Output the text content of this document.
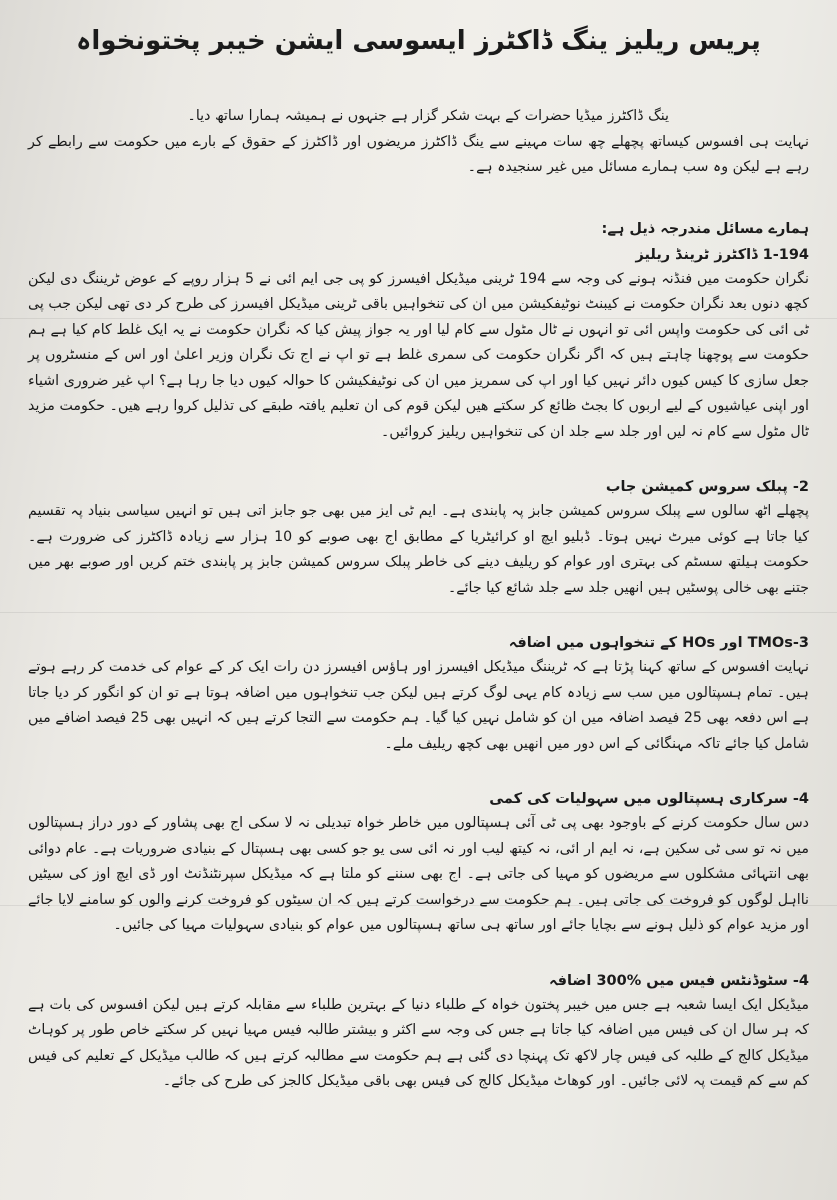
پریس ریلیز ینگ ڈاکٹرز ایسوسی ایشن خیبر پختونخواہ

ینگ ڈاکٹرز میڈیا حضرات کے بہت شکر گزار ہے جنہوں نے ہمیشہ ہمارا ساتھ دیا۔

نہایت ہی افسوس کیساتھ پچھلے چھ سات مہینے سے ینگ ڈاکٹرز مریضوں اور ڈاکٹرز کے حقوق کے بارے میں حکومت سے رابطے کر رہے ہے لیکن وہ سب ہمارے مسائل میں غیر سنجیدہ ہے۔

ہمارے مسائل مندرجہ ذیل ہے:

1-194 ڈاکٹرز ٹرینڈ ریلیز

نگران حکومت میں فنڈنہ ہونے کی وجہ سے 194 ٹرینی میڈیکل افیسرز کو پی جی ایم ائی نے 5 ہزار روپے کے عوض ٹریننگ دی لیکن کچھ دنوں بعد نگران حکومت نے کیبنٹ نوٹیفکیشن میں ان کی تنخواہیں باقی ٹرینی میڈیکل افیسرز کی طرح کر دی تھی لیکن جب پی ٹی ائی کی حکومت واپس ائی تو انہوں نے ٹال مٹول سے کام لیا اور یہ جواز پیش کیا کہ نگران حکومت نے یہ ایک غلط کام کیا ہے ہم حکومت سے پوچھنا چاہتے ہیں کہ اگر نگران حکومت کی سمری غلط ہے تو اپ نے اج تک نگران وزیر اعلیٰ اور اس کے منسٹروں پر جعل سازی کا کیس کیوں دائر نہیں کیا اور اپ کی سمریز میں ان کی نوٹیفکیشن کا حوالہ کیوں دیا جا رہا ہے؟ اپ غیر ضروری اشیاء اور اپنی عیاشیوں کے لیے اربوں کا بجٹ ظائع کر سکتے ھیں لیکن قوم کی ان تعلیم یافتہ طبقے کی تذلیل کروا رہے ھیں۔ حکومت مزید ٹال مٹول سے کام نہ لیں اور جلد سے جلد ان کی تنخواہیں ریلیز کروائیں۔

2- پبلک سروس کمیشن جاب

پچھلے اٹھ سالوں سے پبلک سروس کمیشن جابز پہ پابندی ہے۔ ایم ٹی ایز میں بھی جو جابز اتی ہیں تو انہیں سیاسی بنیاد پہ تقسیم کیا جاتا ہے کوئی میرٹ نہیں ہوتا۔ ڈبلیو ایچ او کرائیٹریا کے مطابق اج بھی صوبے کو 10 ہزار سے زیادہ ڈاکٹرز کی ضرورت ہے۔ حکومت ہیلتھ سسٹم کی بہتری اور عوام کو ریلیف دینے کی خاطر پبلک سروس کمیشن جابز پر پابندی ختم کریں اور صوبے بھر میں جتنے بھی خالی پوسٹیں ہیں انھیں جلد سے جلد شائع کیا جائے۔

3-TMOs اور HOs کے تنخواہوں میں اضافہ

نہایت افسوس کے ساتھ کہنا پڑتا ہے کہ ٹریننگ میڈیکل افیسرز اور ہاؤس افیسرز دن رات ایک کر کے عوام کی خدمت کر رہے ہوتے ہیں۔ تمام ہسپتالوں میں سب سے زیادہ کام یہی لوگ کرتے ہیں لیکن جب تنخواہوں میں اضافہ ہوتا ہے تو ان کو انگور کر دیا جاتا ہے اس دفعہ بھی 25 فیصد اضافہ میں ان کو شامل نہیں کیا گیا۔ ہم حکومت سے التجا کرتے ہیں کہ انہیں بھی 25 فیصد اضافے میں شامل کیا جائے تاکہ مہنگائی کے اس دور میں انھیں بھی کچھ ریلیف ملے۔

4- سرکاری ہسپتالوں میں سہولیات کی کمی

دس سال حکومت کرنے کے باوجود بھی پی ٹی آئی ہسپتالوں میں خاطر خواہ تبدیلی نہ لا سکی اج بھی پشاور کے دور دراز ہسپتالوں میں نہ تو سی ٹی سکین ہے، نہ ایم ار ائی، نہ کیتھ لیب اور نہ ائی سی یو جو کسی بھی ہسپتال کے بنیادی ضروریات ہے۔ عام دوائی بھی انتہائی مشکلوں سے مریضوں کو مہیا کی جاتی ہے۔ اج بھی سننے کو ملتا ہے کہ میڈیکل سپرنٹنڈنٹ اور ڈی ایچ اوز کی سیٹیں نااہل لوگوں کو فروخت کی جاتی ہیں۔ ہم حکومت سے درخواست کرتے ہیں کہ ان سیٹوں کو فروخت کرنے والوں کو سامنے لایا جائے اور مزید عوام کو ذلیل ہونے سے بچایا جائے اور ساتھ ہی ساتھ ہسپتالوں میں عوام کو بنیادی سہولیات مہیا کی جائیں۔

4- سٹوڈنٹس فیس میں %300 اضافہ

میڈیکل ایک ایسا شعبہ ہے جس میں خیبر پختون خواہ کے طلباء دنیا کے بہترین طلباء سے مقابلہ کرتے ہیں لیکن افسوس کی بات ہے کہ ہر سال ان کی فیس میں اضافہ کیا جاتا ہے جس کی وجہ سے اکثر و بیشتر طالبہ فیس مہیا نہیں کر سکتے خاص طور پر کوہاٹ میڈیکل کالج کے طلبہ کی فیس چار لاکھ تک پہنچا دی گئی ہے ہم حکومت سے مطالبہ کرتے ہیں کہ طالب میڈیکل کے تعلیم کی فیس کم سے کم قیمت پہ لائی جائیں۔ اور کوھاٹ میڈیکل کالج کی فیس بھی باقی میڈیکل کالجز کی طرح کی جائے۔
